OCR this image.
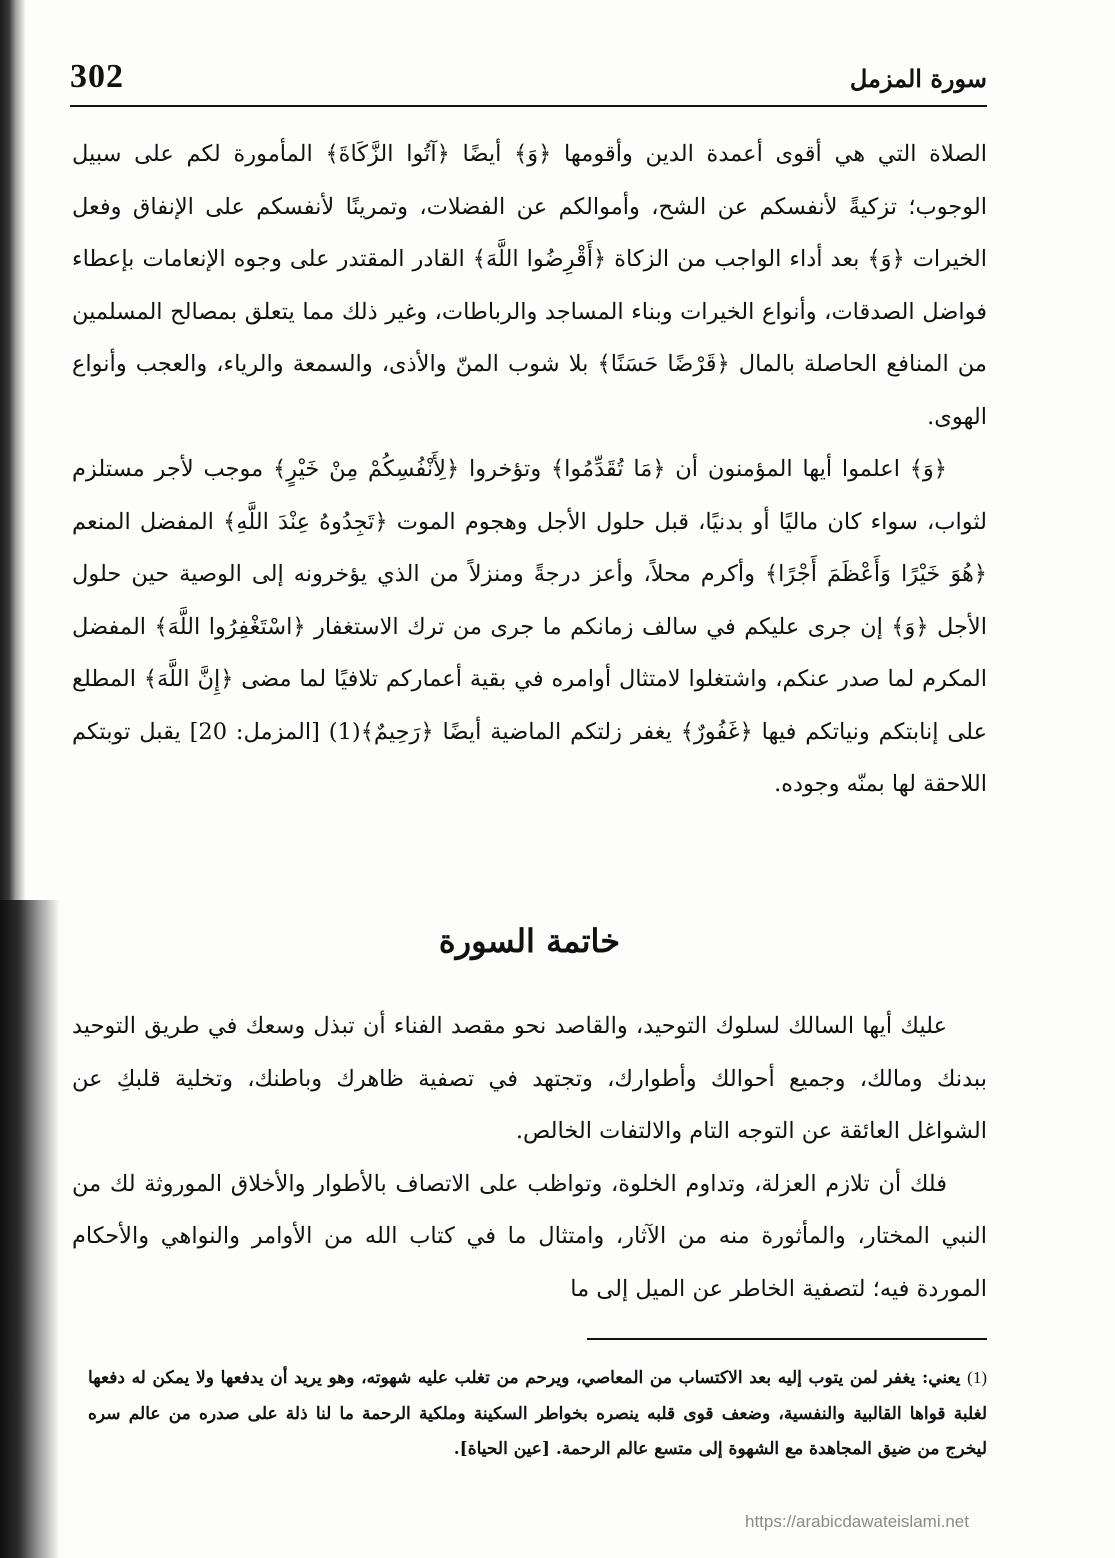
302	سورة المزمل

الصلاة التي هي أقوى أعمدة الدين وأقومها ﴿وَ﴾ أيضًا ﴿آتُوا الزَّكَاةَ﴾ المأمورة لكم على سبيل الوجوب؛ تزكيةً لأنفسكم عن الشح، وأموالكم عن الفضلات، وتمرينًا لأنفسكم على الإنفاق وفعل الخيرات ﴿وَ﴾ بعد أداء الواجب من الزكاة ﴿أَقْرِضُوا اللَّهَ﴾ القادر المقتدر على وجوه الإنعامات بإعطاء فواضل الصدقات، وأنواع الخيرات وبناء المساجد والرباطات، وغير ذلك مما يتعلق بمصالح المسلمين من المنافع الحاصلة بالمال ﴿قَرْضًا حَسَنًا﴾ بلا شوب المنّ والأذى، والسمعة والرياء، والعجب وأنواع الهوى.

﴿وَ﴾ اعلموا أيها المؤمنون أن ﴿مَا تُقَدِّمُوا﴾ وتؤخروا ﴿لِأَنْفُسِكُمْ مِنْ خَيْرٍ﴾ موجب لأجر مستلزم لثواب، سواء كان ماليًا أو بدنيًا، قبل حلول الأجل وهجوم الموت ﴿تَجِدُوهُ عِنْدَ اللَّهِ﴾ المفضل المنعم ﴿هُوَ خَيْرًا وَأَعْظَمَ أَجْرًا﴾ وأكرم محلاً، وأعز درجةً ومنزلاً من الذي يؤخرونه إلى الوصية حين حلول الأجل ﴿وَ﴾ إن جرى عليكم في سالف زمانكم ما جرى من ترك الاستغفار ﴿اسْتَغْفِرُوا اللَّهَ﴾ المفضل المكرم لما صدر عنكم، واشتغلوا لامتثال أوامره في بقية أعماركم تلافيًا لما مضى ﴿إِنَّ اللَّهَ﴾ المطلع على إنابتكم ونياتكم فيها ﴿غَفُورٌ﴾ يغفر زلتكم الماضية أيضًا ﴿رَحِيمٌ﴾(1) [المزمل: 20] يقبل توبتكم اللاحقة لها بمنّه وجوده.

خاتمة السورة

عليك أيها السالك لسلوك التوحيد، والقاصد نحو مقصد الفناء أن تبذل وسعك في طريق التوحيد ببدنك ومالك، وجميع أحوالك وأطوارك، وتجتهد في تصفية ظاهرك وباطنك، وتخلية قلبكِ عن الشواغل العائقة عن التوجه التام والالتفات الخالص.

فلك أن تلازم العزلة، وتداوم الخلوة، وتواظب على الاتصاف بالأطوار والأخلاق الموروثة لك من النبي المختار، والمأثورة منه من الآثار، وامتثال ما في كتاب الله من الأوامر والنواهي والأحكام الموردة فيه؛ لتصفية الخاطر عن الميل إلى ما

(1) يعني: يغفر لمن يتوب إليه بعد الاكتساب من المعاصي، ويرحم من تغلب عليه شهوته، وهو يريد أن يدفعها ولا يمكن له دفعها لغلبة قواها القالبية والنفسية، وضعف قوى قلبه ينصره بخواطر السكينة وملكية الرحمة ما لنا ذلة على صدره من عالم سره ليخرج من ضيق المجاهدة مع الشهوة إلى متسع عالم الرحمة. [عين الحياة].
https://arabicdawateislami.net
